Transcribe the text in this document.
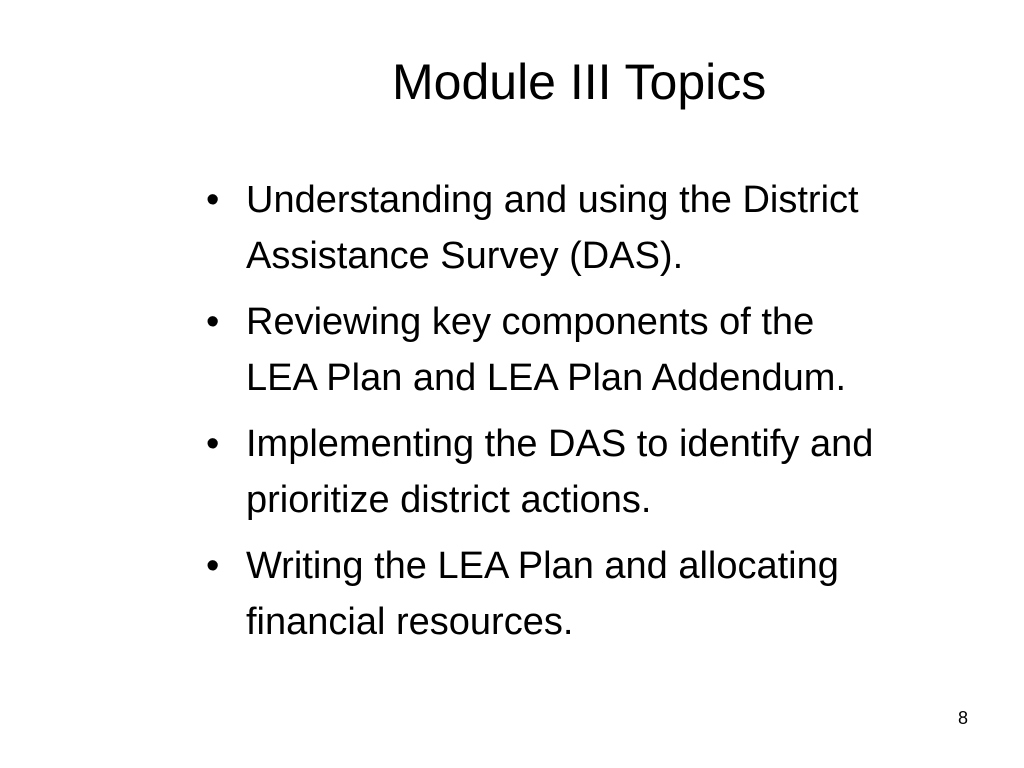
Module III Topics
• Understanding and using the District
Assistance Survey (DAS).
• Reviewing key components of the
LEA Plan and LEA Plan Addendum.
• Implementing the DAS to identify and
prioritize district actions.
• Writing the LEA Plan and allocating
financial resources.
8
